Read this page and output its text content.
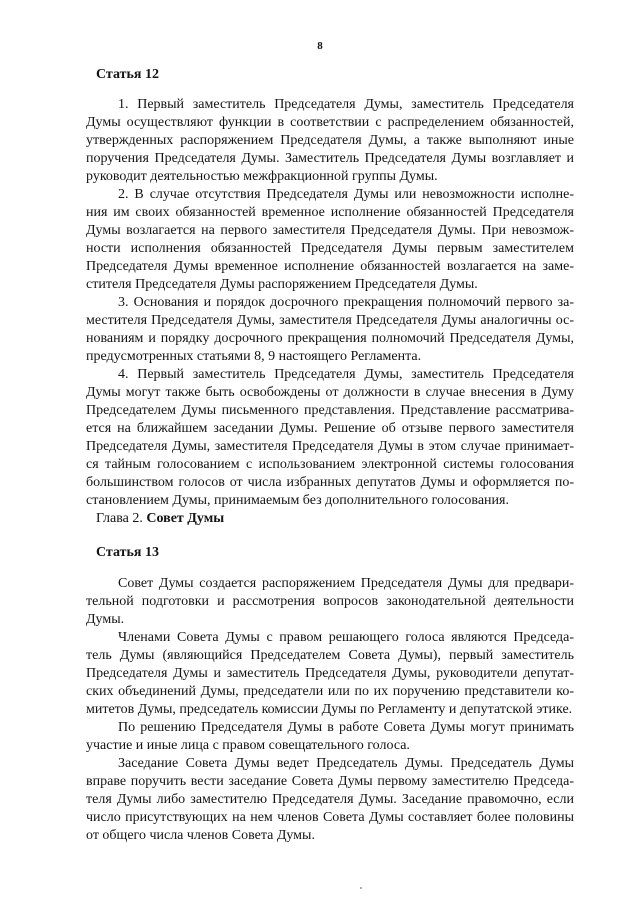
8
Статья 12
1. Первый заместитель Председателя Думы, заместитель Председателя
Думы осуществляют функции в соответствии с распределением обязанностей,
утвержденных распоряжением Председателя Думы, а также выполняют иные
поручения Председателя Думы. Заместитель Председателя Думы возглавляет и
руководит деятельностью межфракционной группы Думы.
2. В случае отсутствия Председателя Думы или невозможности исполне-
ния им своих обязанностей временное исполнение обязанностей Председателя
Думы возлагается на первого заместителя Председателя Думы. При невозмож-
ности исполнения обязанностей Председателя Думы первым заместителем
Председателя Думы временное исполнение обязанностей возлагается на заме-
стителя Председателя Думы распоряжением Председателя Думы.
3. Основания и порядок досрочного прекращения полномочий первого за-
местителя Председателя Думы, заместителя Председателя Думы аналогичны ос-
нованиям и порядку досрочного прекращения полномочий Председателя Думы,
предусмотренных статьями 8, 9 настоящего Регламента.
4. Первый заместитель Председателя Думы, заместитель Председателя
Думы могут также быть освобождены от должности в случае внесения в Думу
Председателем Думы письменного представления. Представление рассматрива-
ется на ближайшем заседании Думы. Решение об отзыве первого заместителя
Председателя Думы, заместителя Председателя Думы в этом случае принимает-
ся тайным голосованием с использованием электронной системы голосования
большинством голосов от числа избранных депутатов Думы и оформляется по-
становлением Думы, принимаемым без дополнительного голосования.
Глава 2. Совет Думы
Статья 13
Совет Думы создается распоряжением Председателя Думы для предвари-
тельной подготовки и рассмотрения вопросов законодательной деятельности
Думы.
Членами Совета Думы с правом решающего голоса являются Председа-
тель Думы (являющийся Председателем Совета Думы), первый заместитель
Председателя Думы и заместитель Председателя Думы, руководители депутат-
ских объединений Думы, председатели или по их поручению представители ко-
митетов Думы, председатель комиссии Думы по Регламенту и депутатской этике.
По решению Председателя Думы в работе Совета Думы могут принимать
участие и иные лица с правом совещательного голоса.
Заседание Совета Думы ведет Председатель Думы. Председатель Думы
вправе поручить вести заседание Совета Думы первому заместителю Председа-
теля Думы либо заместителю Председателя Думы. Заседание правомочно, если
число присутствующих на нем членов Совета Думы составляет более половины
от общего числа членов Совета Думы.
